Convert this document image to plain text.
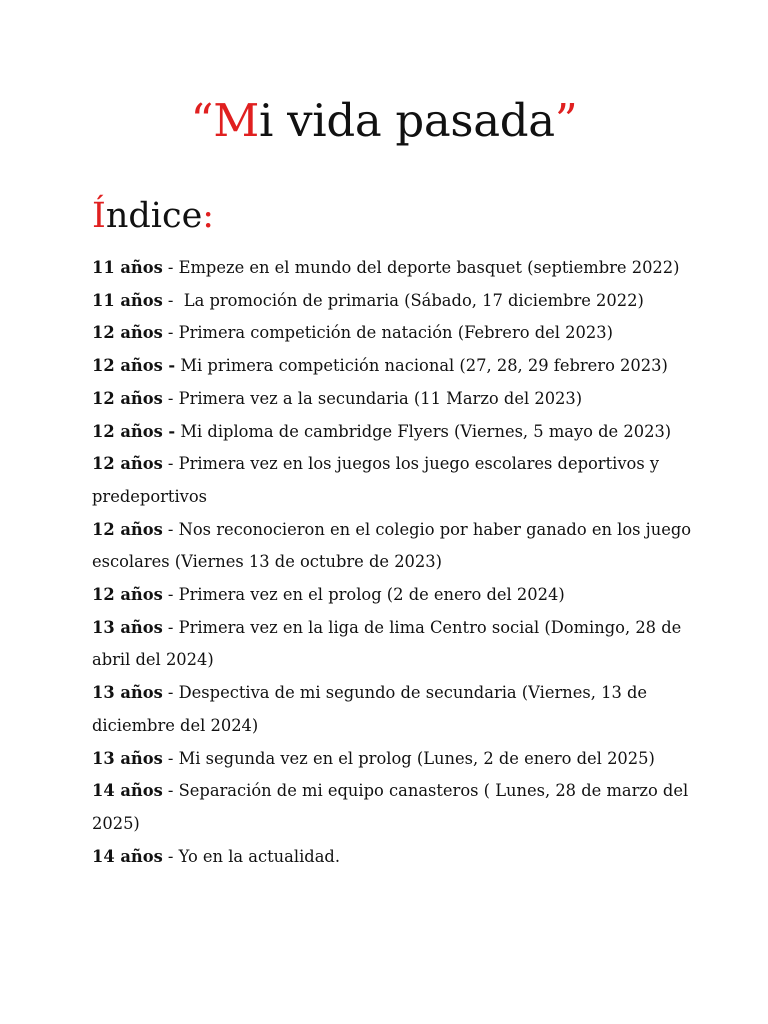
“Mi vida pasada”
Índice:
11 años - Empeze en el mundo del deporte basquet (septiembre 2022)
11 años -  La promoción de primaria (Sábado, 17 diciembre 2022)
12 años - Primera competición de natación (Febrero del 2023)
12 años - Mi primera competición nacional (27, 28, 29 febrero 2023)
12 años - Primera vez a la secundaria (11 Marzo del 2023)
12 años - Mi diploma de cambridge Flyers (Viernes, 5 mayo de 2023)
12 años - Primera vez en los juegos los juego escolares deportivos y predeportivos
12 años - Nos reconocieron en el colegio por haber ganado en los juego escolares (Viernes 13 de octubre de 2023)
12 años - Primera vez en el prolog (2 de enero del 2024)
13 años - Primera vez en la liga de lima Centro social (Domingo, 28 de abril del 2024)
13 años - Despectiva de mi segundo de secundaria (Viernes, 13 de diciembre del 2024)
13 años - Mi segunda vez en el prolog (Lunes, 2 de enero del 2025)
14 años - Separación de mi equipo canasteros ( Lunes, 28 de marzo del 2025)
14 años - Yo en la actualidad.
